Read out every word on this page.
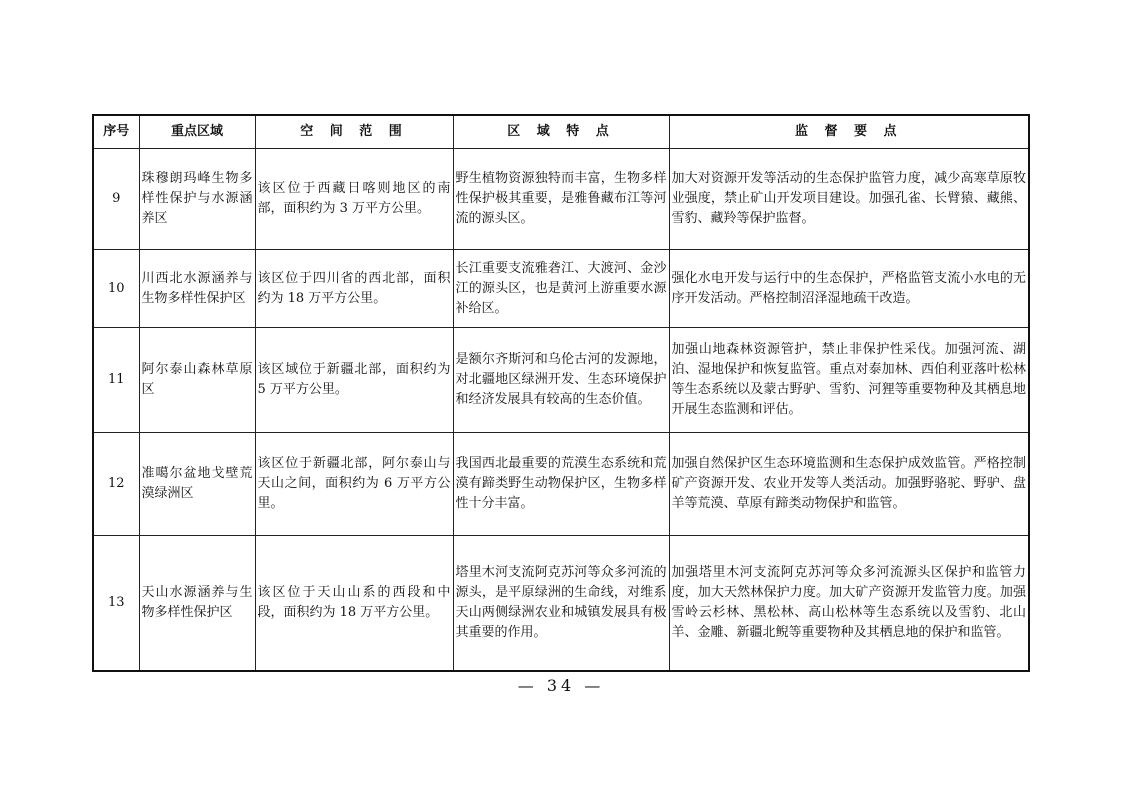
序号	重点区域	空 间 范 围	区 域 特 点	监 督 要 点
9	珠穆朗玛峰生物多样性保护与水源涵养区	该区位于西藏日喀则地区的南部，面积约为 3 万平方公里。	野生植物资源独特而丰富，生物多样性保护极其重要，是雅鲁藏布江等河流的源头区。	加大对资源开发等活动的生态保护监管力度，减少高寒草原牧业强度，禁止矿山开发项目建设。加强孔雀、长臂猿、藏熊、雪豹、藏羚等保护监督。
10	川西北水源涵养与生物多样性保护区	该区位于四川省的西北部，面积约为 18 万平方公里。	长江重要支流雅砻江、大渡河、金沙江的源头区，也是黄河上游重要水源补给区。	强化水电开发与运行中的生态保护，严格监管支流小水电的无序开发活动。严格控制沼泽湿地疏干改造。
11	阿尔泰山森林草原区	该区域位于新疆北部，面积约为 5 万平方公里。	是额尔齐斯河和乌伦古河的发源地，对北疆地区绿洲开发、生态环境保护和经济发展具有较高的生态价值。	加强山地森林资源管护，禁止非保护性采伐。加强河流、湖泊、湿地保护和恢复监管。重点对泰加林、西伯利亚落叶松林等生态系统以及蒙古野驴、雪豹、河狸等重要物种及其栖息地开展生态监测和评估。
12	准噶尔盆地戈壁荒漠绿洲区	该区位于新疆北部，阿尔泰山与天山之间，面积约为 6 万平方公里。	我国西北最重要的荒漠生态系统和荒漠有蹄类野生动物保护区，生物多样性十分丰富。	加强自然保护区生态环境监测和生态保护成效监管。严格控制矿产资源开发、农业开发等人类活动。加强野骆驼、野驴、盘羊等荒漠、草原有蹄类动物保护和监管。
13	天山水源涵养与生物多样性保护区	该区位于天山山系的西段和中段，面积约为 18 万平方公里。	塔里木河支流阿克苏河等众多河流的源头，是平原绿洲的生命线，对维系天山两侧绿洲农业和城镇发展具有极其重要的作用。	加强塔里木河支流阿克苏河等众多河流源头区保护和监管力度，加大天然林保护力度。加大矿产资源开发监管力度。加强雪岭云杉林、黑松林、高山松林等生态系统以及雪豹、北山羊、金雕、新疆北鲵等重要物种及其栖息地的保护和监管。
— 34 —
